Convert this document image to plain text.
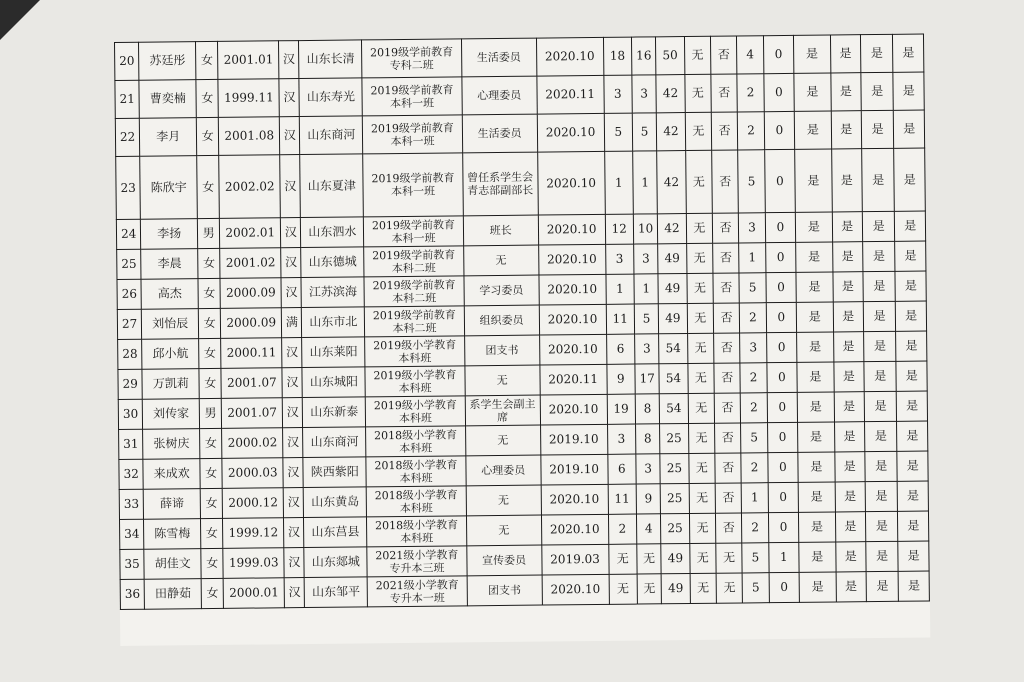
20	苏廷彤	女	2001.01	汉	山东长清	2019级学前教育
专科二班	生活委员	2020.10	18	16	50	无	否	4	0	是	是	是	是
21	曹奕楠	女	1999.11	汉	山东寿光	2019级学前教育
本科一班	心理委员	2020.11	3	3	42	无	否	2	0	是	是	是	是
22	李月	女	2001.08	汉	山东商河	2019级学前教育
本科一班	生活委员	2020.10	5	5	42	无	否	2	0	是	是	是	是
23	陈欣宇	女	2002.02	汉	山东夏津	2019级学前教育
本科一班	曾任系学生会青志部副部长	2020.10	1	1	42	无	否	5	0	是	是	是	是
24	李扬	男	2002.01	汉	山东泗水	2019级学前教育
本科一班	班长	2020.10	12	10	42	无	否	3	0	是	是	是	是
25	李晨	女	2001.02	汉	山东德城	2019级学前教育
本科二班	无	2020.10	3	3	49	无	否	1	0	是	是	是	是
26	高杰	女	2000.09	汉	江苏滨海	2019级学前教育
本科二班	学习委员	2020.10	1	1	49	无	否	5	0	是	是	是	是
27	刘怡辰	女	2000.09	满	山东市北	2019级学前教育
本科二班	组织委员	2020.10	11	5	49	无	否	2	0	是	是	是	是
28	邱小航	女	2000.11	汉	山东莱阳	2019级小学教育
本科班	团支书	2020.10	6	3	54	无	否	3	0	是	是	是	是
29	万凯莉	女	2001.07	汉	山东城阳	2019级小学教育
本科班	无	2020.11	9	17	54	无	否	2	0	是	是	是	是
30	刘传家	男	2001.07	汉	山东新泰	2019级小学教育
本科班	系学生会副主席	2020.10	19	8	54	无	否	2	0	是	是	是	是
31	张树庆	女	2000.02	汉	山东商河	2018级小学教育
本科班	无	2019.10	3	8	25	无	否	5	0	是	是	是	是
32	来成欢	女	2000.03	汉	陕西紫阳	2018级小学教育
本科班	心理委员	2019.10	6	3	25	无	否	2	0	是	是	是	是
33	薛谛	女	2000.12	汉	山东黄岛	2018级小学教育
本科班	无	2020.10	11	9	25	无	否	1	0	是	是	是	是
34	陈雪梅	女	1999.12	汉	山东莒县	2018级小学教育
本科班	无	2020.10	2	4	25	无	否	2	0	是	是	是	是
35	胡佳文	女	1999.03	汉	山东郯城	2021级小学教育
专升本三班	宣传委员	2019.03	无	无	49	无	无	5	1	是	是	是	是
36	田静茹	女	2000.01	汉	山东邹平	2021级小学教育
专升本一班	团支书	2020.10	无	无	49	无	无	5	0	是	是	是	是
